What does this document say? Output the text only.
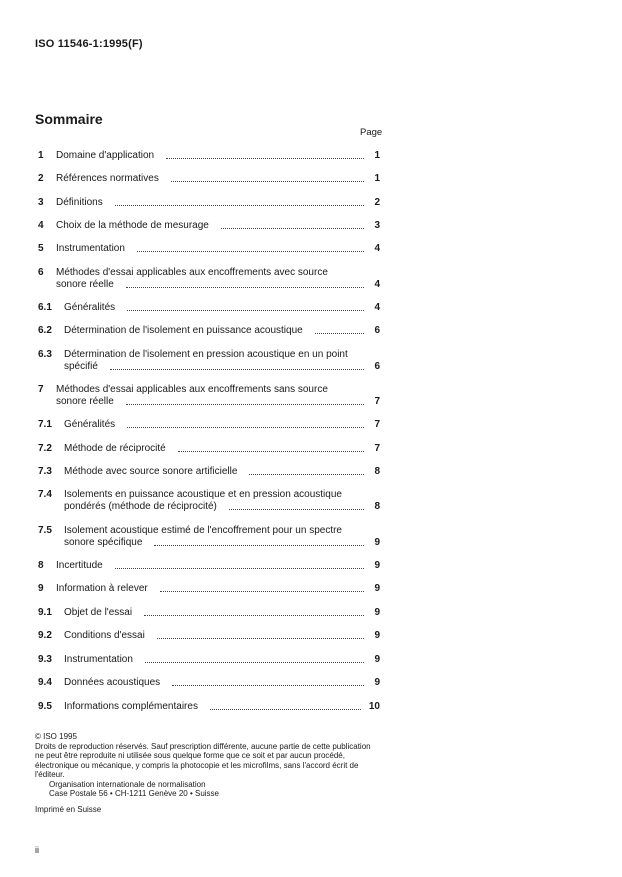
ISO 11546-1:1995(F)
Sommaire
Page
1 Domaine d'application	1
2 Références normatives	1
3 Définitions	2
4 Choix de la méthode de mesurage	3
5 Instrumentation	4
6 Méthodes d'essai applicables aux encoffrements avec source
sonore réelle	4
6.1 Généralités	4
6.2 Détermination de l'isolement en puissance acoustique	6
6.3 Détermination de l'isolement en pression acoustique en un point
spécifié	6
7 Méthodes d'essai applicables aux encoffrements sans source
sonore réelle	7
7.1 Généralités	7
7.2 Méthode de réciprocité	7
7.3 Méthode avec source sonore artificielle	8
7.4 Isolements en puissance acoustique et en pression acoustique
pondérés (méthode de réciprocité)	8
7.5 Isolement acoustique estimé de l'encoffrement pour un spectre
sonore spécifique	9
8 Incertitude	9
9 Information à relever	9
9.1 Objet de l'essai	9
9.2 Conditions d'essai	9
9.3 Instrumentation	9
9.4 Données acoustiques	9
9.5 Informations complémentaires	10
© ISO 1995
Droits de reproduction réservés. Sauf prescription différente, aucune partie de cette publication ne peut être reproduite ni utilisée sous quelque forme que ce soit et par aucun procédé, électronique ou mécanique, y compris la photocopie et les microfilms, sans l'accord écrit de l'éditeur.
Organisation internationale de normalisation
Case Postale 56 • CH-1211 Genève 20 • Suisse
Imprimé en Suisse
ii
